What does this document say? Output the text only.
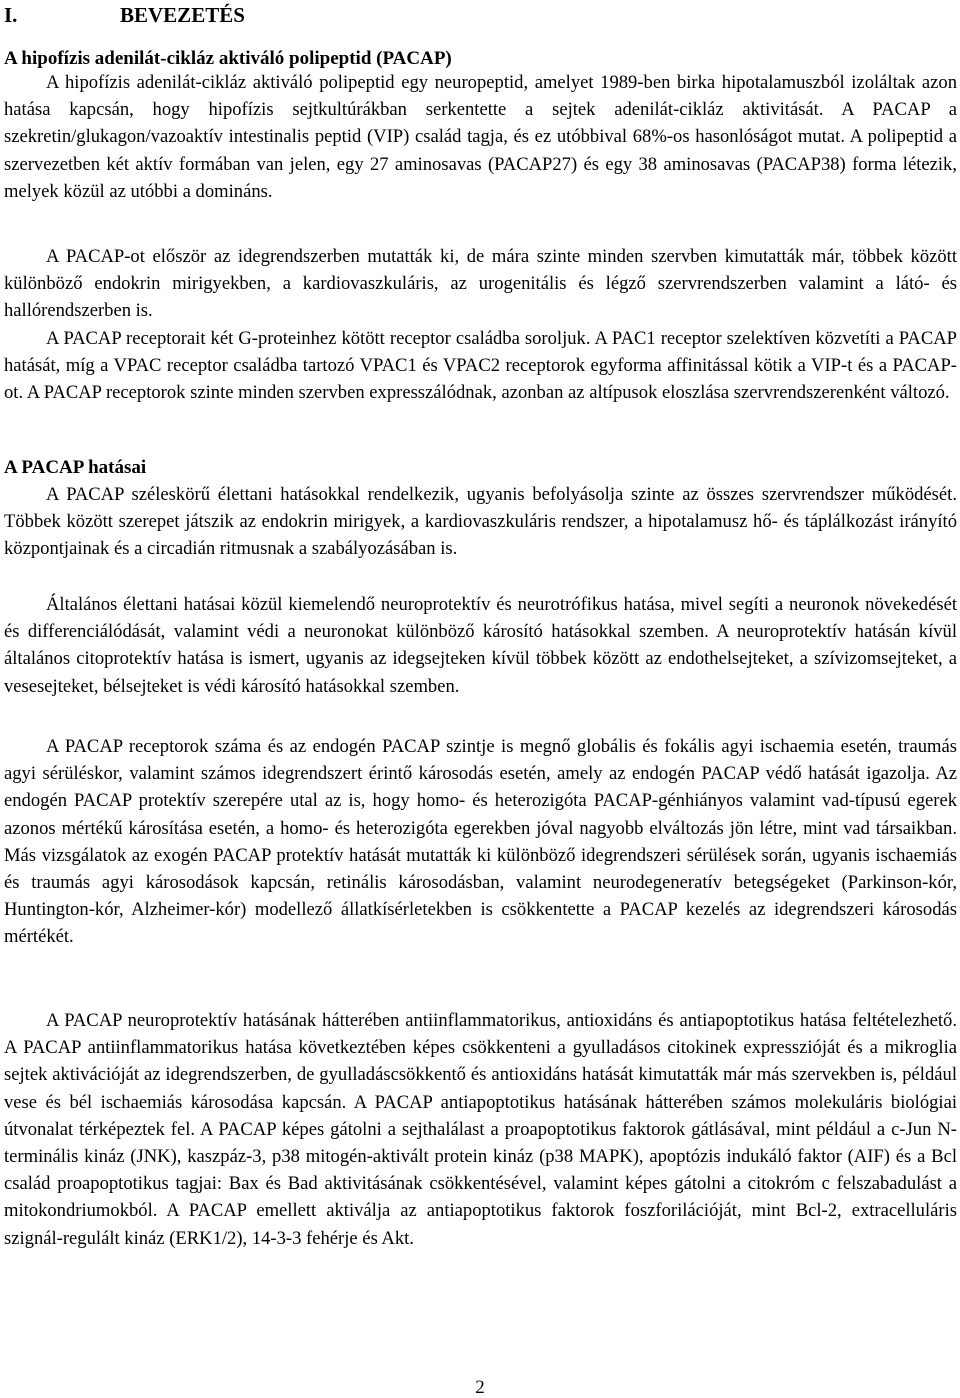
I.	BEVEZETÉS
A hipofízis adenilát-cikláz aktiváló polipeptid (PACAP)

A hipofízis adenilát-cikláz aktiváló polipeptid egy neuropeptid, amelyet 1989-ben birka hipotalamuszból izoláltak azon hatása kapcsán, hogy hipofízis sejtkultúrákban serkentette a sejtek adenilát-cikláz aktivitását. A PACAP a szekretin/glukagon/vazoaktív intestinalis peptid (VIP) család tagja, és ez utóbbival 68%-os hasonlóságot mutat. A polipeptid a szervezetben két aktív formában van jelen, egy 27 aminosavas (PACAP27) és egy 38 aminosavas (PACAP38) forma létezik, melyek közül az utóbbi a domináns.

A PACAP-ot először az idegrendszerben mutatták ki, de mára szinte minden szervben kimutatták már, többek között különböző endokrin mirigyekben, a kardiovaszkuláris, az urogenitális és légző szervrendszerben valamint a látó- és hallórendszerben is.

A PACAP receptorait két G-proteinhez kötött receptor családba soroljuk. A PAC1 receptor szelektíven közvetíti a PACAP hatását, míg a VPAC receptor családba tartozó VPAC1 és VPAC2 receptorok egyforma affinitással kötik a VIP-t és a PACAP-ot. A PACAP receptorok szinte minden szervben expresszálódnak, azonban az altípusok eloszlása szervrendszerenként változó.

A PACAP hatásai

A PACAP széleskörű élettani hatásokkal rendelkezik, ugyanis befolyásolja szinte az összes szervrendszer működését. Többek között szerepet játszik az endokrin mirigyek, a kardiovaszkuláris rendszer, a hipotalamusz hő- és táplálkozást irányító központjainak és a circadián ritmusnak a szabályozásában is.

Általános élettani hatásai közül kiemelendő neuroprotektív és neurotrófikus hatása, mivel segíti a neuronok növekedését és differenciálódását, valamint védi a neuronokat különböző károsító hatásokkal szemben. A neuroprotektív hatásán kívül általános citoprotektív hatása is ismert, ugyanis az idegsejteken kívül többek között az endothelsejteket, a szívizomsejteket, a vesesejteket, bélsejteket is védi károsító hatásokkal szemben.

A PACAP receptorok száma és az endogén PACAP szintje is megnő globális és fokális agyi ischaemia esetén, traumás agyi sérüléskor, valamint számos idegrendszert érintő károsodás esetén, amely az endogén PACAP védő hatását igazolja. Az endogén PACAP protektív szerepére utal az is, hogy homo- és heterozigóta PACAP-génhiányos valamint vad-típusú egerek azonos mértékű károsítása esetén, a homo- és heterozigóta egerekben jóval nagyobb elváltozás jön létre, mint vad társaikban. Más vizsgálatok az exogén PACAP protektív hatását mutatták ki különböző idegrendszeri sérülések során, ugyanis ischaemiás és traumás agyi károsodások kapcsán, retinális károsodásban, valamint neurodegeneratív betegségeket (Parkinson-kór, Huntington-kór, Alzheimer-kór) modellező állatkísérletekben is csökkentette a PACAP kezelés az idegrendszeri károsodás mértékét.

A PACAP neuroprotektív hatásának hátterében antiinflammatorikus, antioxidáns és antiapoptotikus hatása feltételezhető. A PACAP antiinflammatorikus hatása következtében képes csökkenteni a gyulladásos citokinek expresszióját és a mikroglia sejtek aktivációját az idegrendszerben, de gyulladáscsökkentő és antioxidáns hatását kimutatták már más szervekben is, például vese és bél ischaemiás károsodása kapcsán. A PACAP antiapoptotikus hatásának hátterében számos molekuláris biológiai útvonalat térképeztek fel. A PACAP képes gátolni a sejthalálast a proapoptotikus faktorok gátlásával, mint például a c-Jun N-terminális kináz (JNK), kaszpáz-3, p38 mitogén-aktivált protein kináz (p38 MAPK), apoptózis indukáló faktor (AIF) és a Bcl család proapoptotikus tagjai: Bax és Bad aktivitásának csökkentésével, valamint képes gátolni a citokróm c felszabadulást a mitokondriumokból. A PACAP emellett aktiválja az antiapoptotikus faktorok foszforilációját, mint Bcl-2, extracelluláris szignál-regulált kináz (ERK1/2), 14-3-3 fehérje és Akt.

2
